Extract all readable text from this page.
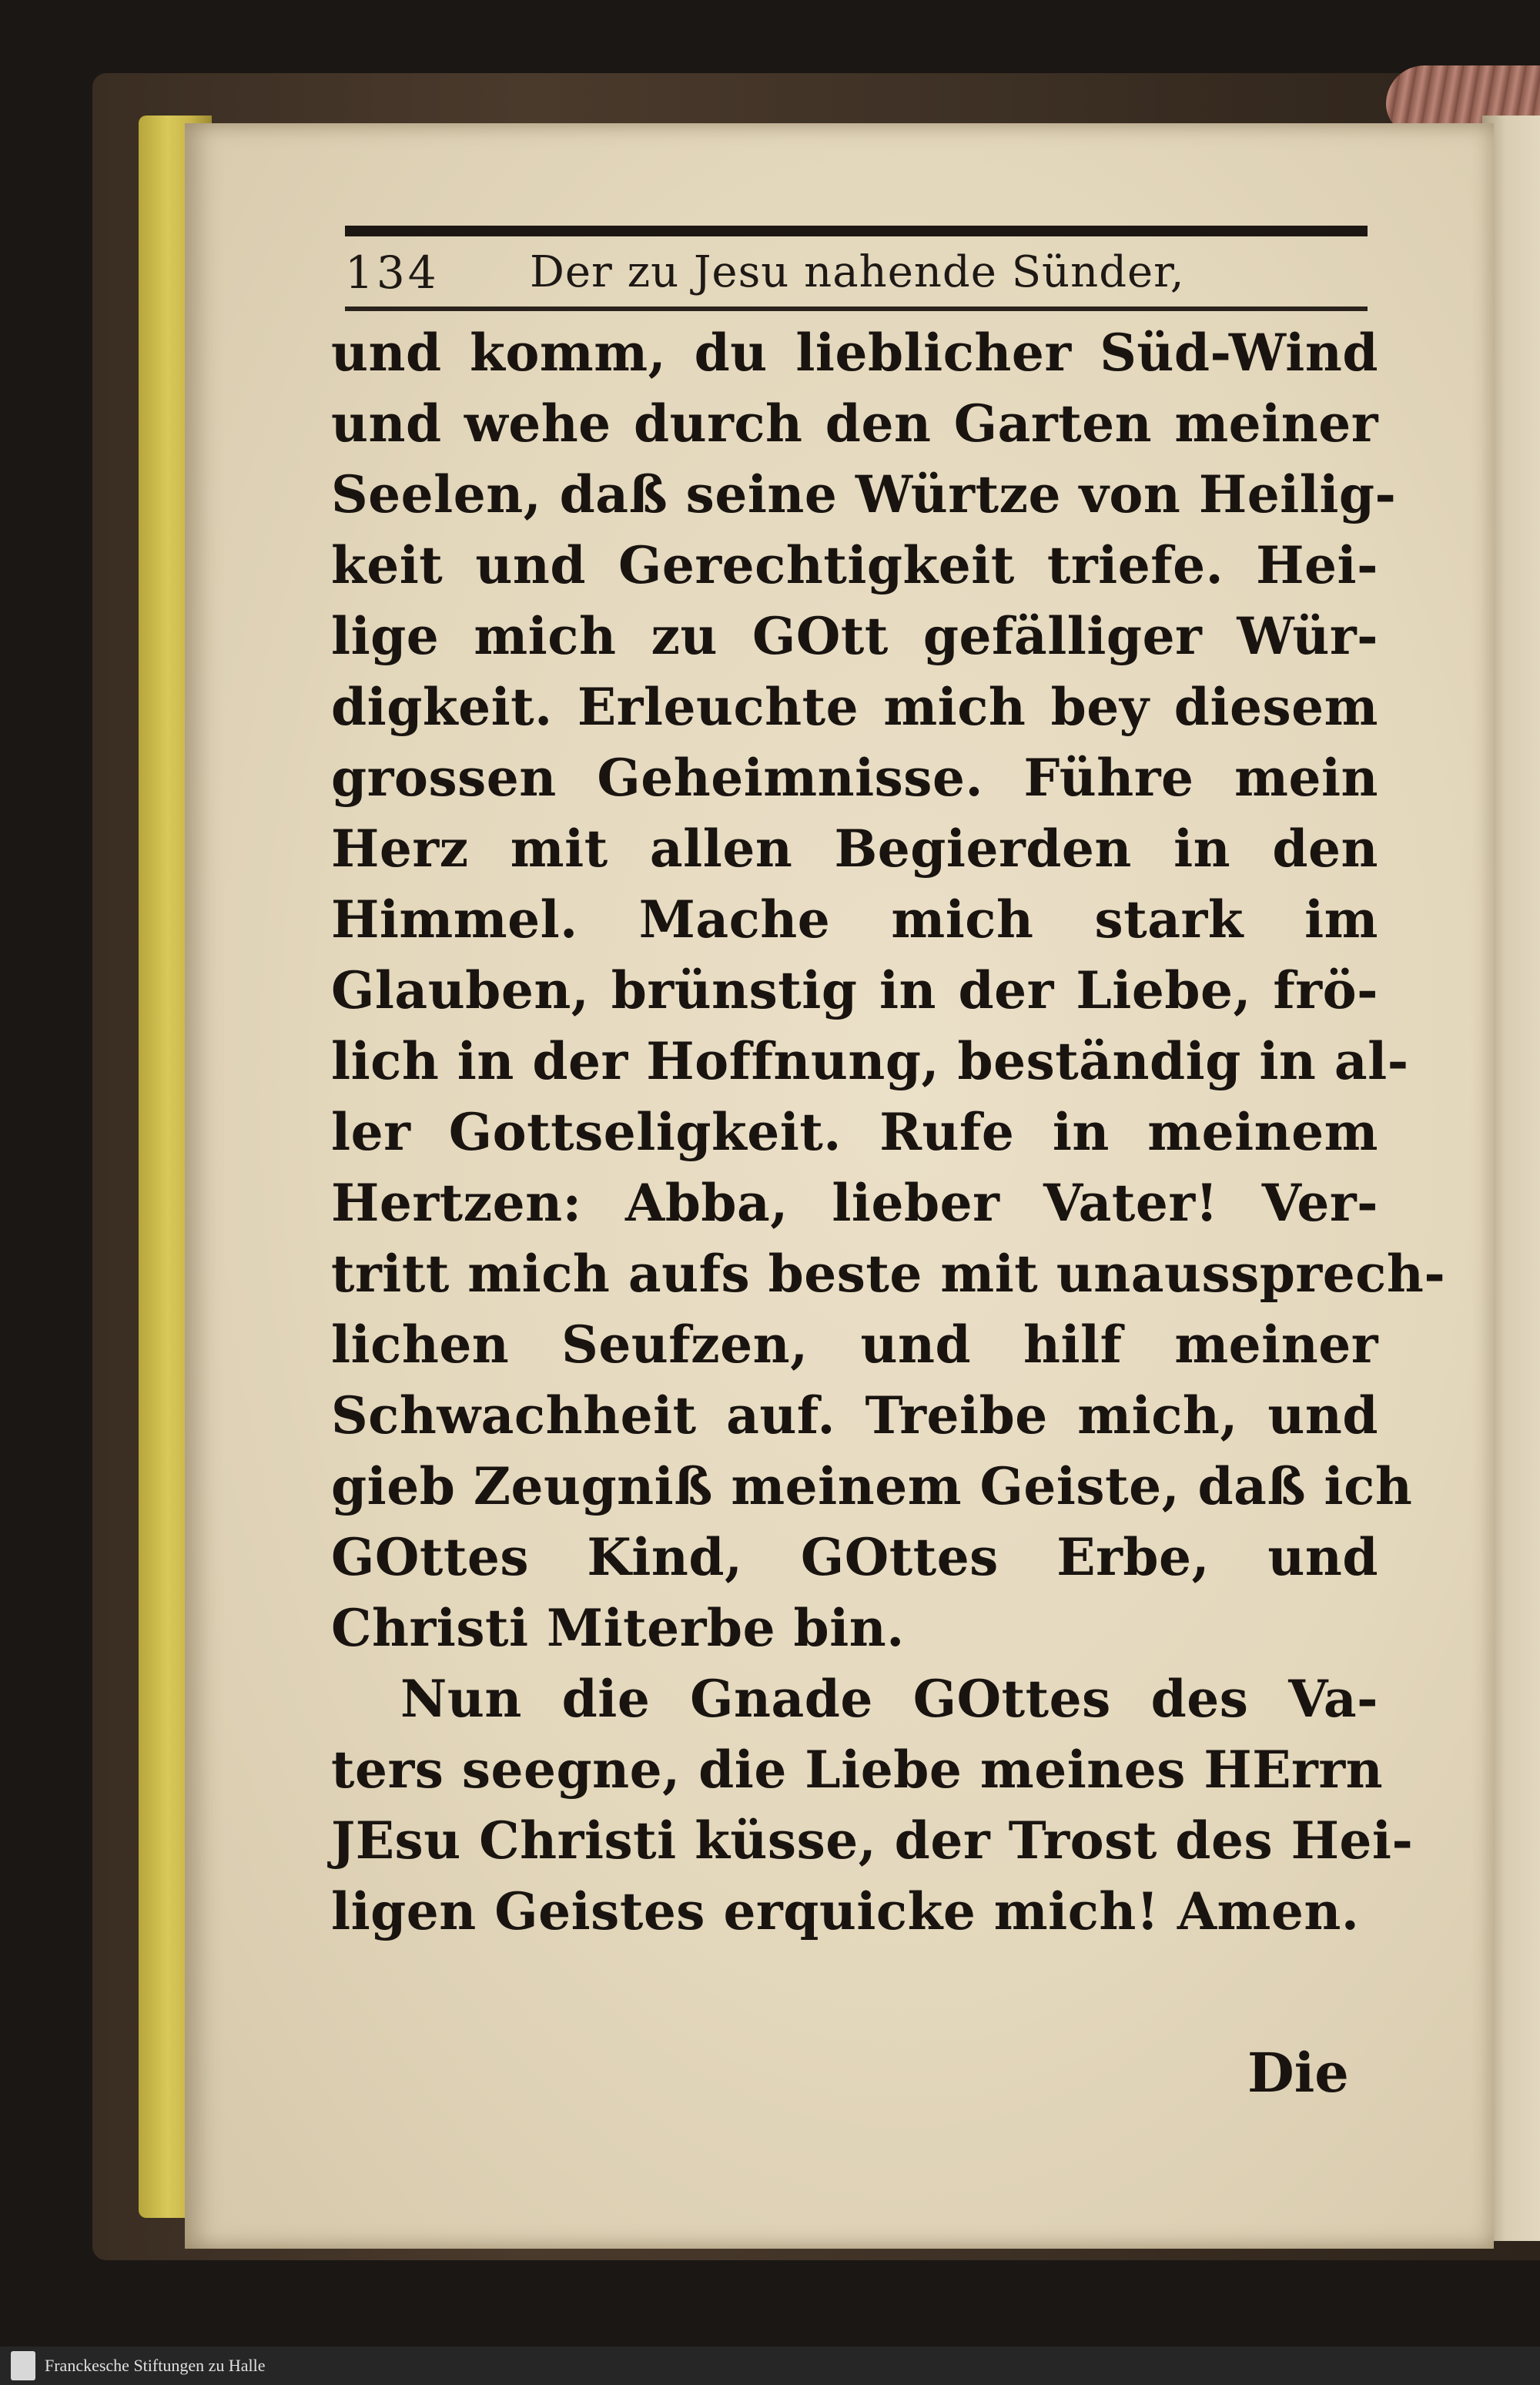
134 Der zu Jesu nahende Sünder,
und komm, du lieblicher Süd-Wind
und wehe durch den Garten meiner
Seelen, daß seine Würtze von Heilig-
keit und Gerechtigkeit triefe. Hei-
lige mich zu GOtt gefälliger Wür-
digkeit. Erleuchte mich bey diesem
grossen Geheimnisse. Führe mein
Herz mit allen Begierden in den
Himmel. Mache mich stark im
Glauben, brünstig in der Liebe, frö-
lich in der Hoffnung, beständig in al-
ler Gottseligkeit. Rufe in meinem
Hertzen: Abba, lieber Vater! Ver-
tritt mich aufs beste mit unaussprech-
lichen Seufzen, und hilf meiner
Schwachheit auf. Treibe mich, und
gieb Zeugniß meinem Geiste, daß ich
GOttes Kind, GOttes Erbe, und
Christi Miterbe bin.
Nun die Gnade GOttes des Va-
ters seegne, die Liebe meines HErrn
JEsu Christi küsse, der Trost des Hei-
ligen Geistes erquicke mich! Amen.
Die
Franckesche Stiftungen zu Halle
